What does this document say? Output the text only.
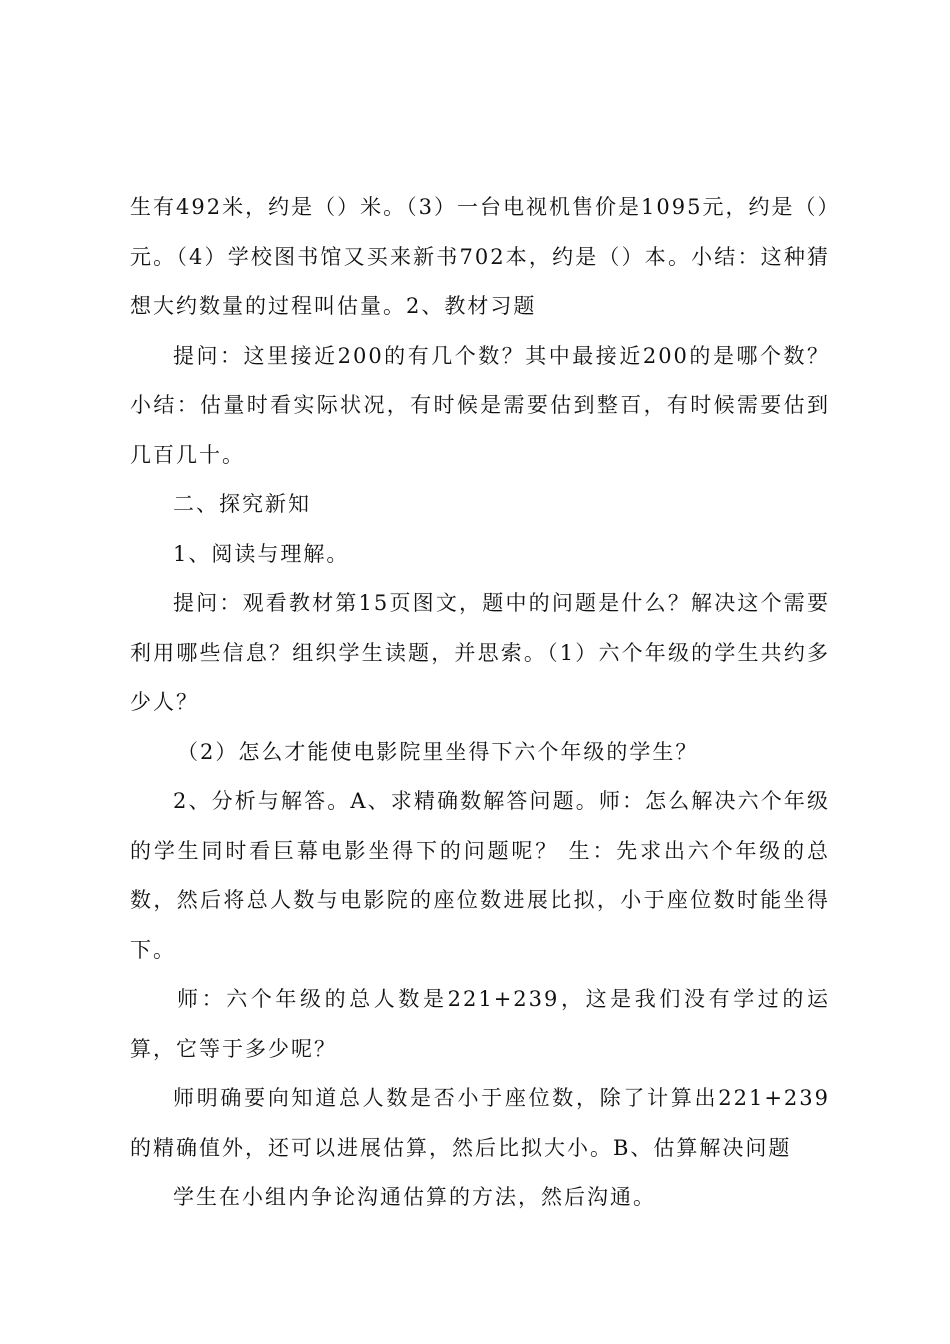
生有492米，约是（）米。（3）一台电视机售价是1095元，约是（）元。（4）学校图书馆又买来新书702本，约是（）本。小结：这种猜想大约数量的过程叫估量。2、教材习题

提问：这里接近200的有几个数？其中最接近200的是哪个数？ 小结：估量时看实际状况，有时候是需要估到整百，有时候需要估到几百几十。

二、探究新知

1、阅读与理解。

提问：观看教材第15页图文，题中的问题是什么？解决这个需要利用哪些信息？组织学生读题，并思索。（1）六个年级的学生共约多少人？

（2）怎么才能使电影院里坐得下六个年级的学生？

2、分析与解答。A、求精确数解答问题。师：怎么解决六个年级的学生同时看巨幕电影坐得下的问题呢？ 生：先求出六个年级的总数，然后将总人数与电影院的座位数进展比拟，小于座位数时能坐得下。

师：六个年级的总人数是221+239，这是我们没有学过的运算，它等于多少呢？

师明确要向知道总人数是否小于座位数，除了计算出221+239的精确值外，还可以进展估算，然后比拟大小。B、估算解决问题

学生在小组内争论沟通估算的方法，然后沟通。
